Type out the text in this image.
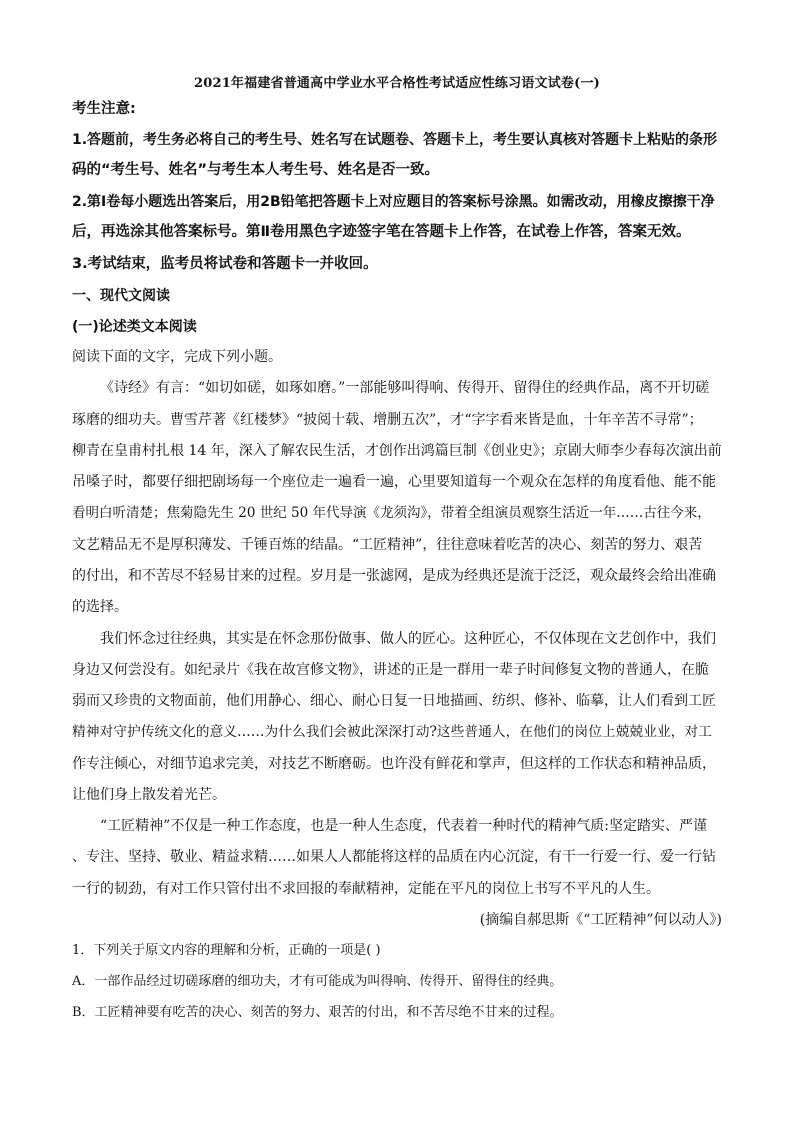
2021年福建省普通高中学业水平合格性考试适应性练习语文试卷(一)
考生注意:
1.答题前，考生务必将自己的考生号、姓名写在试题卷、答题卡上，考生要认真核对答题卡上粘贴的条形
码的“考生号、姓名”与考生本人考生号、姓名是否一致。
2.第Ⅰ卷每小题选出答案后，用2B铅笔把答题卡上对应题目的答案标号涂黑。如需改动，用橡皮擦擦干净
后，再选涂其他答案标号。第Ⅱ卷用黑色字迹签字笔在答题卡上作答，在试卷上作答，答案无效。
3.考试结束，监考员将试卷和答题卡一并收回。
一、现代文阅读
(一)论述类文本阅读
阅读下面的文字，完成下列小题。
《诗经》有言：“如切如磋，如琢如磨。”一部能够叫得响、传得开、留得住的经典作品，离不开切磋
琢磨的细功夫。曹雪芹著《红楼梦》“披阅十载、增删五次”，才“字字看来皆是血，十年辛苦不寻常”；
柳青在皇甫村扎根 14 年，深入了解农民生活，才创作出鸿篇巨制《创业史》；京剧大师李少春每次演出前
吊嗓子时，都要仔细把剧场每一个座位走一遍看一遍，心里要知道每一个观众在怎样的角度看他、能不能
看明白听清楚；焦菊隐先生 20 世纪 50 年代导演《龙须沟》，带着全组演员观察生活近一年……古往今来，
文艺精品无不是厚积薄发、千锤百炼的结晶。“工匠精神”，往往意味着吃苦的决心、刻苦的努力、艰苦
的付出，和不苦尽不轻易甘来的过程。岁月是一张滤网，是成为经典还是流于泛泛，观众最终会给出准确
的选择。
我们怀念过往经典，其实是在怀念那份做事、做人的匠心。这种匠心，不仅体现在文艺创作中，我们
身边又何尝没有。如纪录片《我在故宫修文物》，讲述的正是一群用一辈子时间修复文物的普通人，在脆
弱而又珍贵的文物面前，他们用静心、细心、耐心日复一日地描画、纺织、修补、临摹，让人们看到工匠
精神对守护传统文化的意义……为什么我们会被此深深打动?这些普通人，在他们的岗位上兢兢业业，对工
作专注倾心，对细节追求完美，对技艺不断磨砺。也许没有鲜花和掌声，但这样的工作状态和精神品质，
让他们身上散发着光芒。
“工匠精神”不仅是一种工作态度，也是一种人生态度，代表着一种时代的精神气质:坚定踏实、严谨
、专注、坚持、敬业、精益求精……如果人人都能将这样的品质在内心沉淀，有干一行爱一行、爱一行钻
一行的韧劲，有对工作只管付出不求回报的奉献精神，定能在平凡的岗位上书写不平凡的人生。
(摘编自郝思斯《“工匠精神”何以动人》)
1．下列关于原文内容的理解和分析，正确的一项是( )
A．一部作品经过切磋琢磨的细功夫，才有可能成为叫得响、传得开、留得住的经典。
B．工匠精神要有吃苦的决心、刻苦的努力、艰苦的付出，和不苦尽绝不甘来的过程。
